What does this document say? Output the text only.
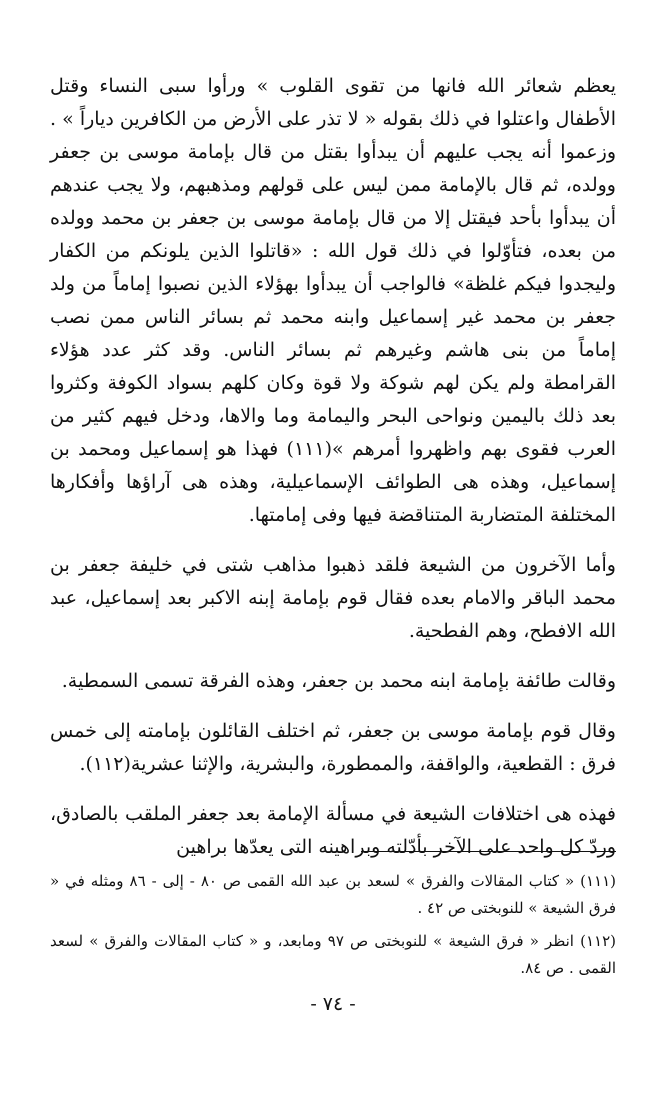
يعظم شعائر الله فانها من تقوى القلوب » ورأوا سبى النساء وقتل الأطفال واعتلوا في ذلك بقوله « لا تذر على الأرض من الكافرين دياراً » . وزعموا أنه يجب عليهم أن يبدأوا بقتل من قال بإمامة موسى بن جعفر وولده، ثم قال بالإمامة ممن ليس على قولهم ومذهبهم، ولا يجب عندهم أن يبدأوا بأحد فيقتل إلا من قال بإمامة موسى بن جعفر بن محمد وولده من بعده، فتأوّلوا في ذلك قول الله : «قاتلوا الذين يلونكم من الكفار وليجدوا فيكم غلظة» فالواجب أن يبدأوا بهؤلاء الذين نصبوا إماماً من ولد جعفر بن محمد غير إسماعيل وابنه محمد ثم بسائر الناس ممن نصب إماماً من بنى هاشم وغيرهم ثم بسائر الناس. وقد كثر عدد هؤلاء القرامطة ولم يكن لهم شوكة ولا قوة وكان كلهم بسواد الكوفة وكثروا بعد ذلك باليمين ونواحى البحر واليمامة وما والاها، ودخل فيهم كثير من العرب فقوى بهم واظهروا أمرهم »(١١١) فهذا هو إسماعيل ومحمد بن إسماعيل، وهذه هى الطوائف الإسماعيلية، وهذه هى آراؤها وأفكارها المختلفة المتضاربة المتناقضة فيها وفى إمامتها.

وأما الآخرون من الشيعة فلقد ذهبوا مذاهب شتى في خليفة جعفر بن محمد الباقر والامام بعده فقال قوم بإمامة إبنه الاكبر بعد إسماعيل، عبد الله الافطح، وهم الفطحية.

وقالت طائفة بإمامة ابنه محمد بن جعفر، وهذه الفرقة تسمى السمطية.

وقال قوم بإمامة موسى بن جعفر، ثم اختلف القائلون بإمامته إلى خمس فرق : القطعية، والواقفة، والممطورة، والبشرية، والإثنا عشرية(١١٢).

فهذه هى اختلافات الشيعة في مسألة الإمامة بعد جعفر الملقب بالصادق، وردّ كل واحد على الآخر بأدّلته وبراهينه التى يعدّها براهين

(١١١) « كتاب المقالات والفرق » لسعد بن عبد الله القمى ص ٨٠ - إلى - ٨٦ ومثله في « فرق الشيعة » للنوبختى ص ٤٢ .

(١١٢) انظر « فرق الشيعة » للنوبختى ص ٩٧ ومابعد، و « كتاب المقالات والفرق » لسعد القمى . ص ٨٤.

- ٧٤ -
